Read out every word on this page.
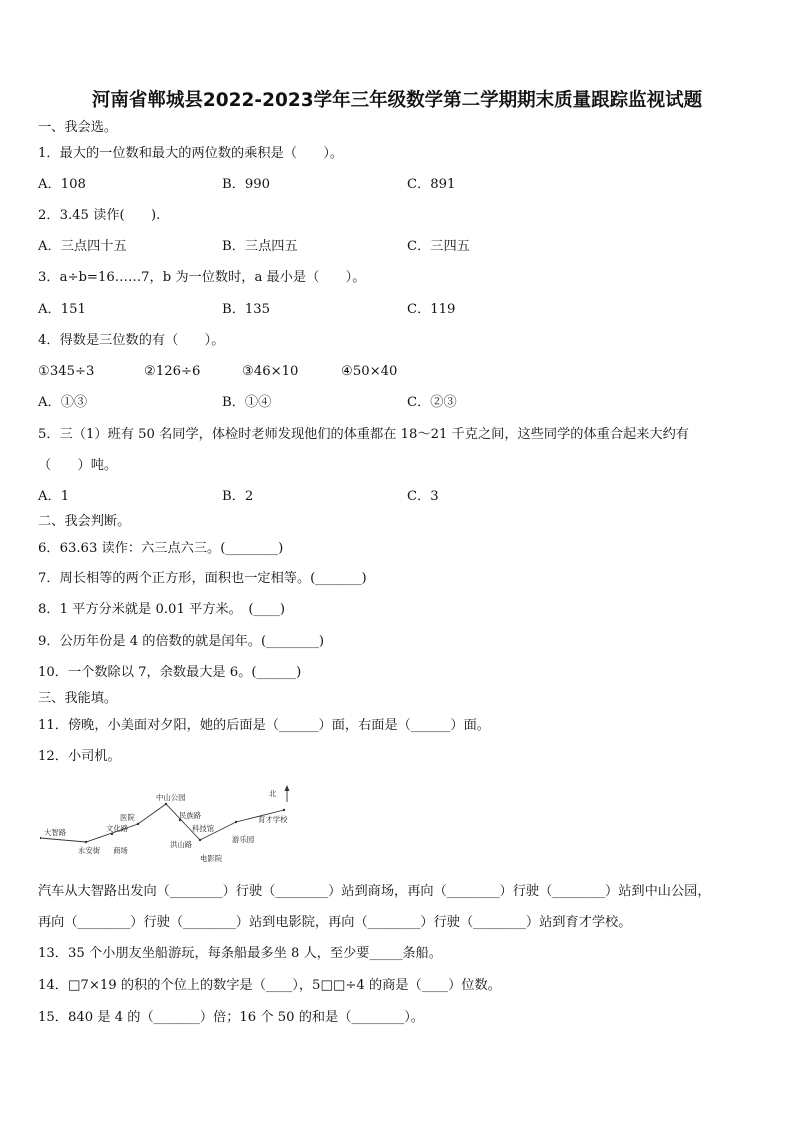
河南省郸城县2022-2023学年三年级数学第二学期期末质量跟踪监视试题
一、我会选。
1．最大的一位数和最大的两位数的乘积是（　　）。
A．108	B．990	C．891
2．3.45 读作(　　).
A．三点四十五	B．三点四五	C．三四五
3．a÷b=16……7，b 为一位数时，a 最小是（　　）。
A．151	B．135	C．119
4．得数是三位数的有（　　）。
①345÷3	②126÷6	③46×10	④50×40
A．①③	B．①④	C．②③
5．三（1）班有 50 名同学，体检时老师发现他们的体重都在 18～21 千克之间，这些同学的体重合起来大约有
（　　）吨。
A．1	B．2	C．3
二、我会判断。
6．63.63 读作：六三点六三。(________)
7．周长相等的两个正方形，面积也一定相等。(_______)
8．1 平方分米就是 0.01 平方米。　(____)
9．公历年份是 4 的倍数的就是闰年。(________)
10．一个数除以 7，余数最大是 6。(______)
三、我能填。
11．傍晚，小美面对夕阳，她的后面是（______）面，右面是（______）面。
12．小司机。
北
大智路
永安街 商场
文化路
医院
中山公园
民族路
科技馆
洪山路
电影院
游乐园
育才学校
汽车从大智路出发向（________）行驶（________）站到商场，再向（________）行驶（________）站到中山公园，
再向（________）行驶（________）站到电影院，再向（________）行驶（________）站到育才学校。
13．35 个小朋友坐船游玩，每条船最多坐 8 人，至少要_____条船。
14．□7×19 的积的个位上的数字是（____），5□□÷4 的商是（____）位数。
15．840 是 4 的（_______）倍；16 个 50 的和是（________）。
